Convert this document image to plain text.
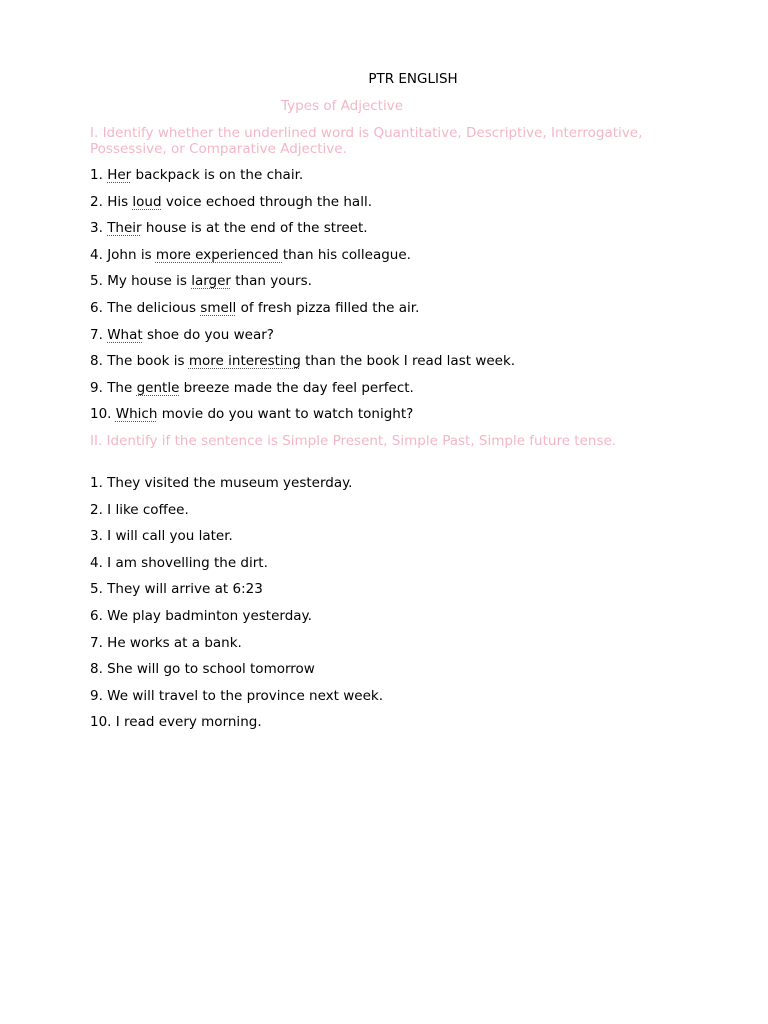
PTR ENGLISH
Types of Adjective

I. Identify whether the underlined word is Quantitative, Descriptive, Interrogative, Possessive, or Comparative Adjective.

1. Her backpack is on the chair.
2. His loud voice echoed through the hall.
3. Their house is at the end of the street.
4. John is more experienced than his colleague.
5. My house is larger than yours.
6. The delicious smell of fresh pizza filled the air.
7. What shoe do you wear?
8. The book is more interesting than the book I read last week.
9. The gentle breeze made the day feel perfect.
10. Which movie do you want to watch tonight?

II. Identify if the sentence is Simple Present, Simple Past, Simple future tense.

1. They visited the museum yesterday.
2. I like coffee.
3. I will call you later.
4. I am shovelling the dirt.
5. They will arrive at 6:23
6. We play badminton yesterday.
7. He works at a bank.
8. She will go to school tomorrow
9. We will travel to the province next week.
10. I read every morning.
